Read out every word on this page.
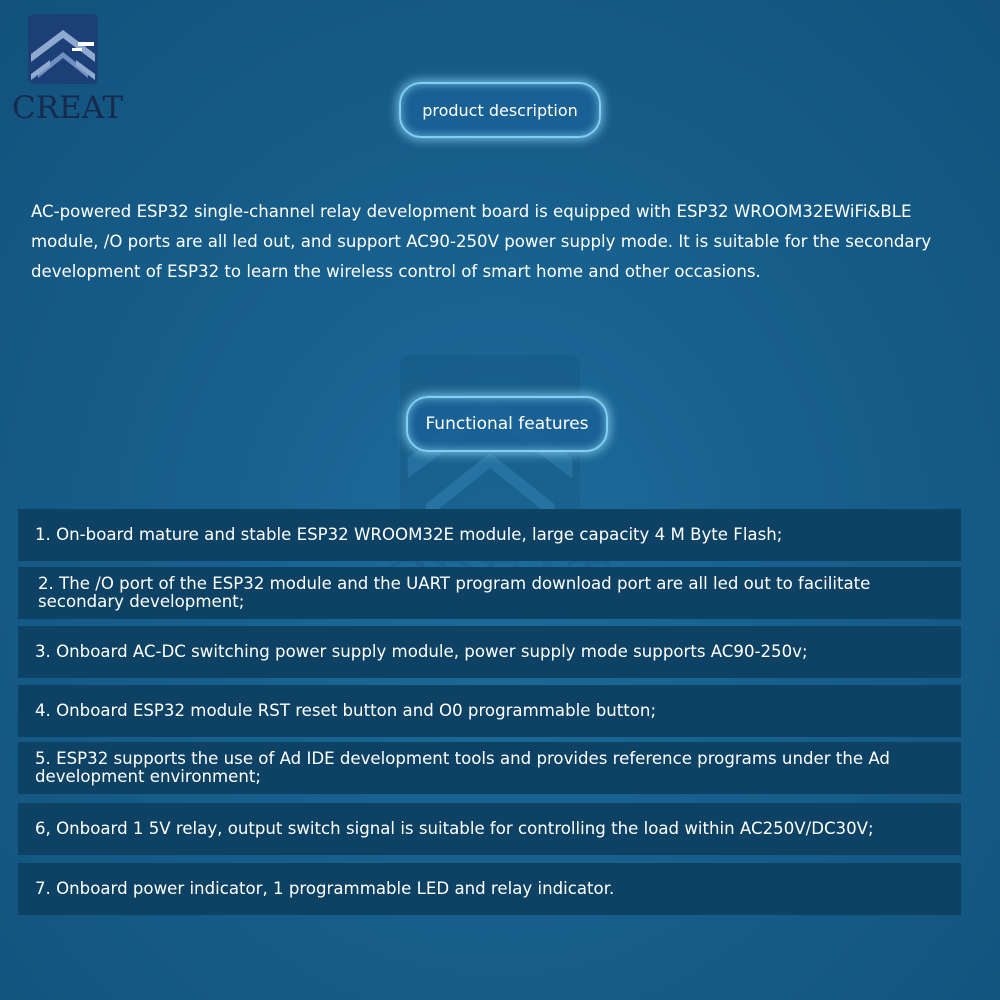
CREAT	product description
AC-powered ESP32 single-channel relay development board is equipped with ESP32 WROOM32EWiFi&BLE module, /O ports are all led out, and support AC90-250V power supply mode. It is suitable for the secondary development of ESP32 to learn the wireless control of smart home and other occasions.
Functional features
1. On-board mature and stable ESP32 WROOM32E module, large capacity 4 M Byte Flash;
2. The /O port of the ESP32 module and the UART program download port are all led out to facilitate secondary development;
3. Onboard AC-DC switching power supply module, power supply mode supports AC90-250v;
4. Onboard ESP32 module RST reset button and O0 programmable button;
5. ESP32 supports the use of Ad IDE development tools and provides reference programs under the Ad development environment;
6, Onboard 1 5V relay, output switch signal is suitable for controlling the load within AC250V/DC30V;
7. Onboard power indicator, 1 programmable LED and relay indicator.
